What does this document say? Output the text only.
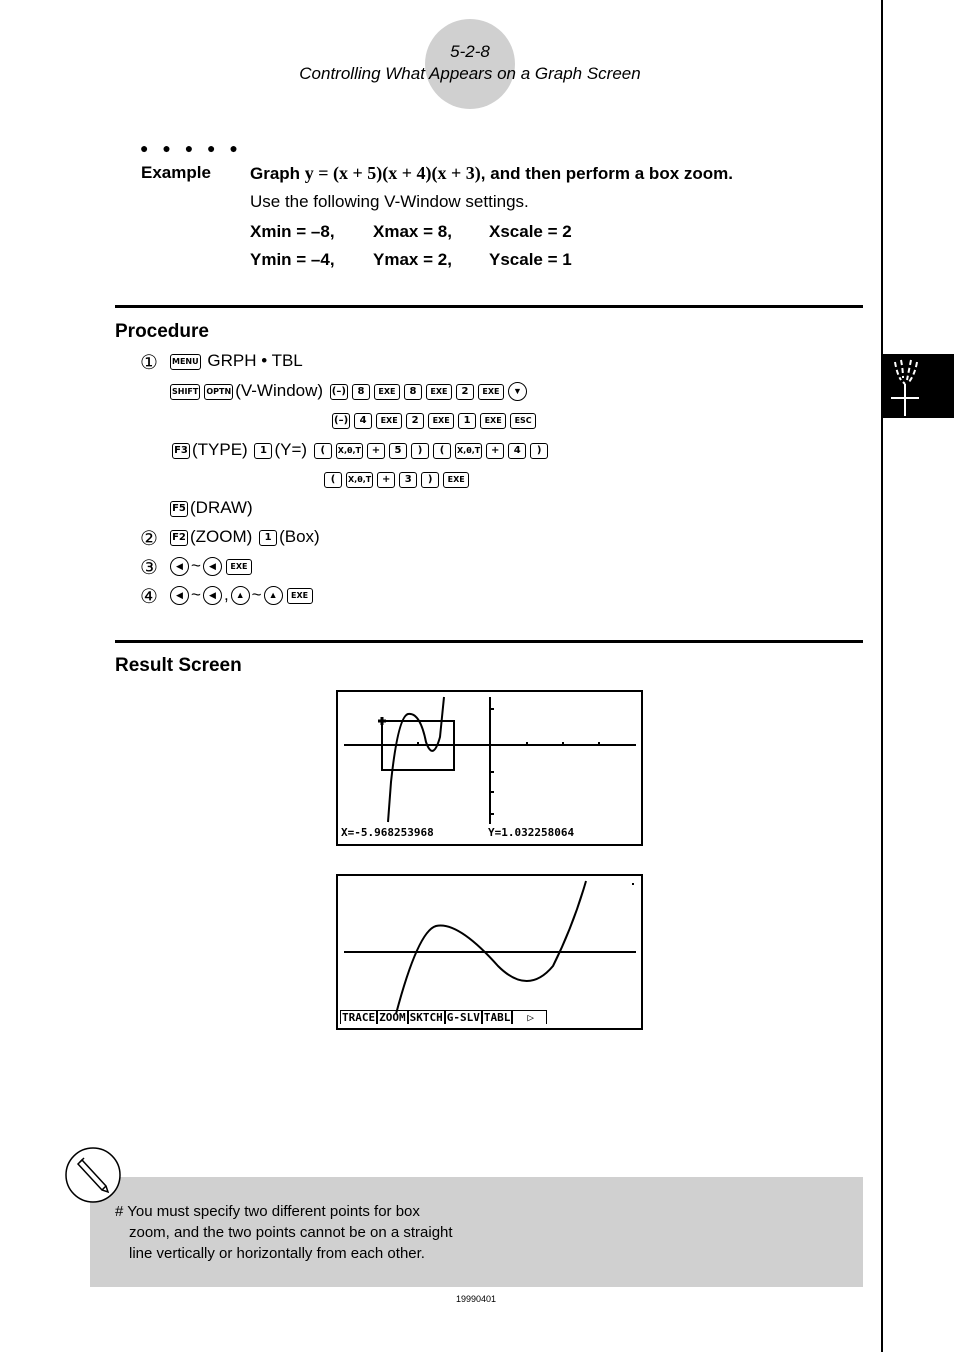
5-2-8
Controlling What Appears on a Graph Screen
● ● ● ● ●
Example Graph y = (x + 5)(x + 4)(x + 3), and then perform a box zoom.
Use the following V-Window settings.
Xmin = –8, Xmax = 8, Xscale = 2
Ymin = –4, Ymax = 2, Yscale = 1
Procedure
①	MENU GRPH • TBL
SHIFT OPTN (V-Window) (–) 8 EXE 8 EXE 2 EXE ▼
(–) 4 EXE 2 EXE 1 EXE ESC
F3 (TYPE) 1 (Y=) ( X,θ,T + 5 ) ( X,θ,T + 4 )
( X,θ,T + 3 ) EXE
F5 (DRAW)
②	F2 (ZOOM) 1 (Box)
③	◀ ~ ◀ EXE
④	◀ ~ ◀ , ▲ ~ ▲ EXE
Result Screen
X=-5.968253968	Y=1.032258064
TRACE ZOOM SKTCH G-SLV TABL	▷
# You must specify two different points for box
zoom, and the two points cannot be on a straight
line vertically or horizontally from each other.
19990401
